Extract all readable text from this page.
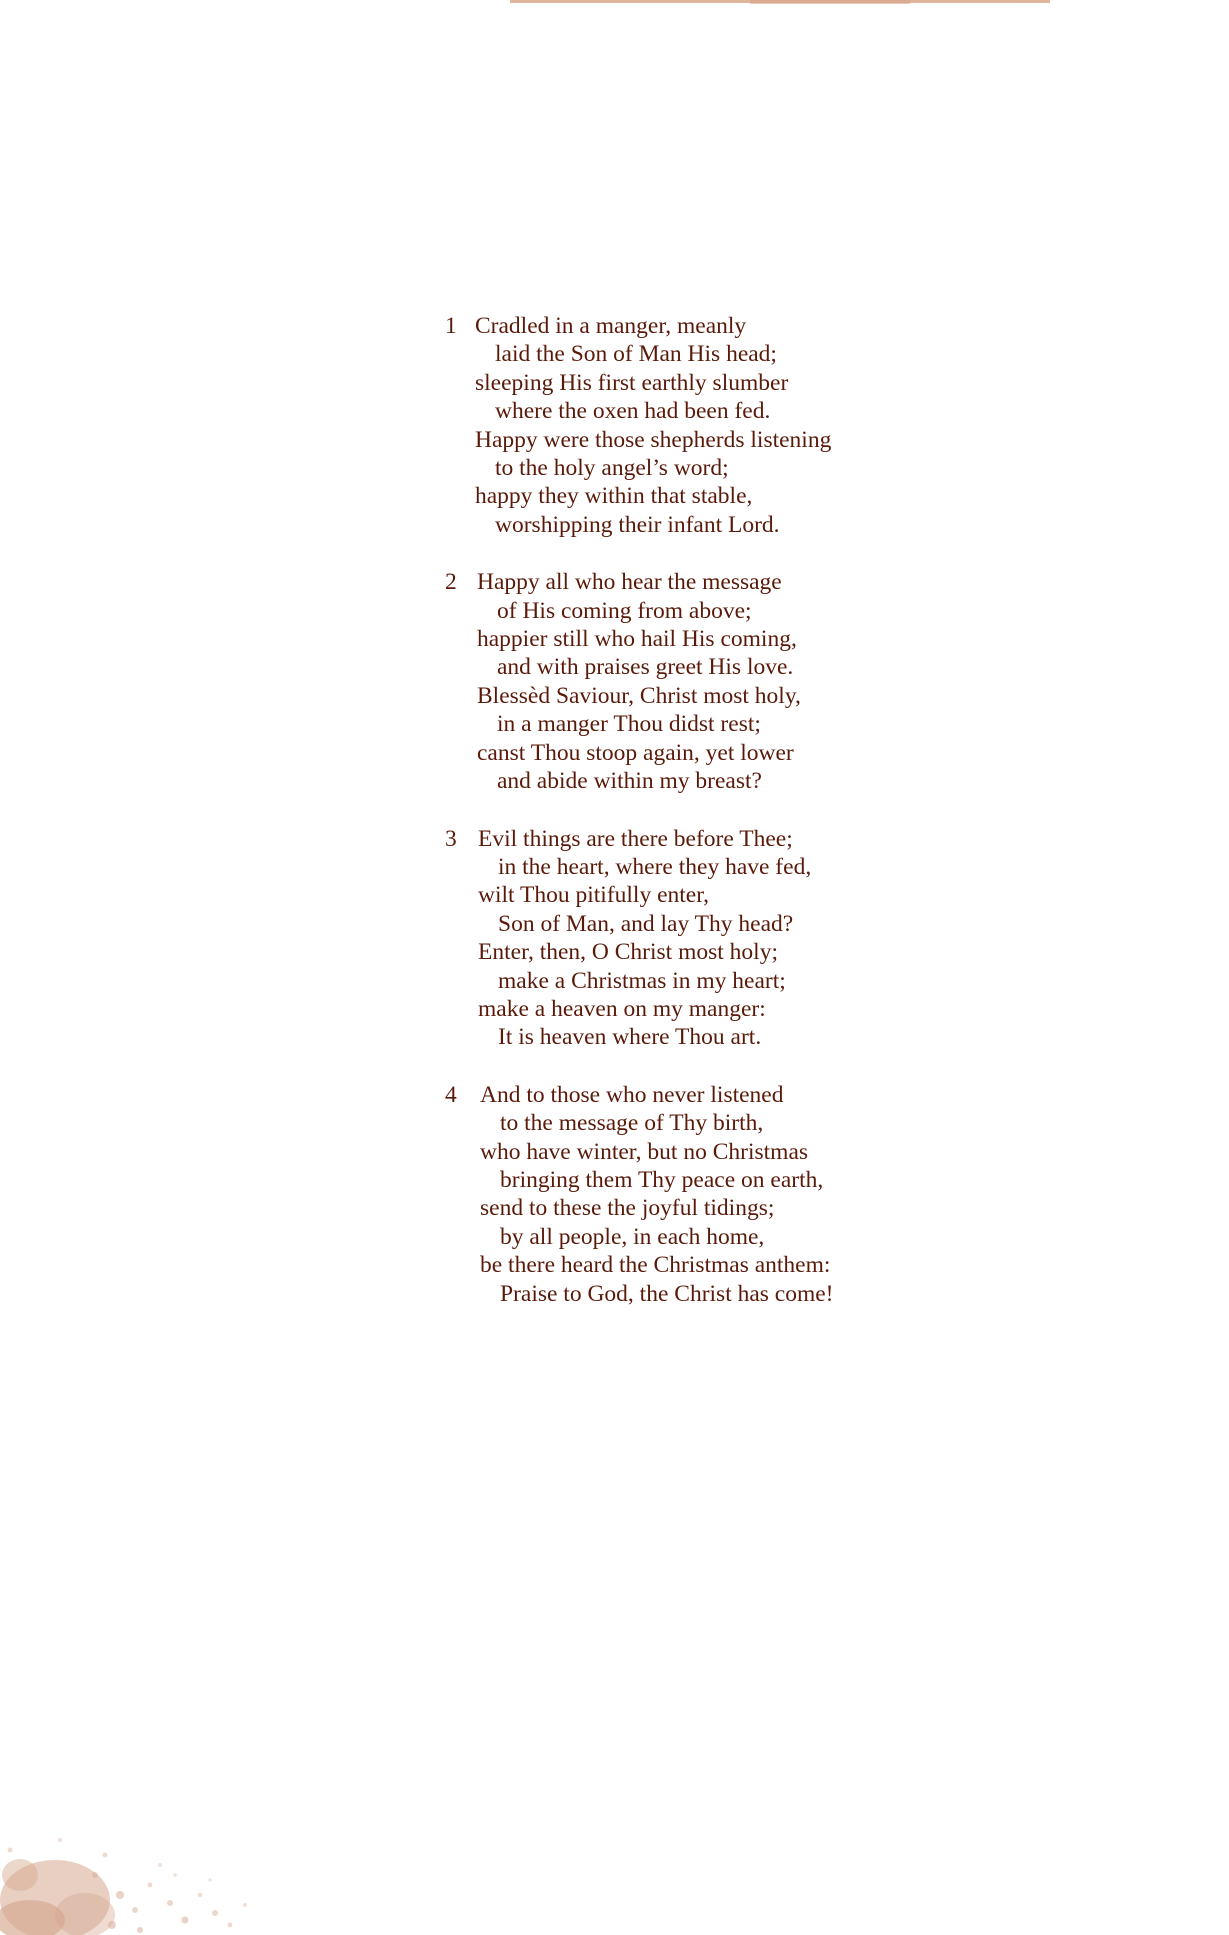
1 Cradled in a manger, meanly
laid the Son of Man His head;
sleeping His first earthly slumber
where the oxen had been fed.
Happy were those shepherds listening
to the holy angel’s word;
happy they within that stable,
worshipping their infant Lord.
2 Happy all who hear the message
of His coming from above;
happier still who hail His coming,
and with praises greet His love.
Blessèd Saviour, Christ most holy,
in a manger Thou didst rest;
canst Thou stoop again, yet lower
and abide within my breast?
3 Evil things are there before Thee;
in the heart, where they have fed,
wilt Thou pitifully enter,
Son of Man, and lay Thy head?
Enter, then, O Christ most holy;
make a Christmas in my heart;
make a heaven on my manger:
It is heaven where Thou art.
4 And to those who never listened
to the message of Thy birth,
who have winter, but no Christmas
bringing them Thy peace on earth,
send to these the joyful tidings;
by all people, in each home,
be there heard the Christmas anthem:
Praise to God, the Christ has come!
